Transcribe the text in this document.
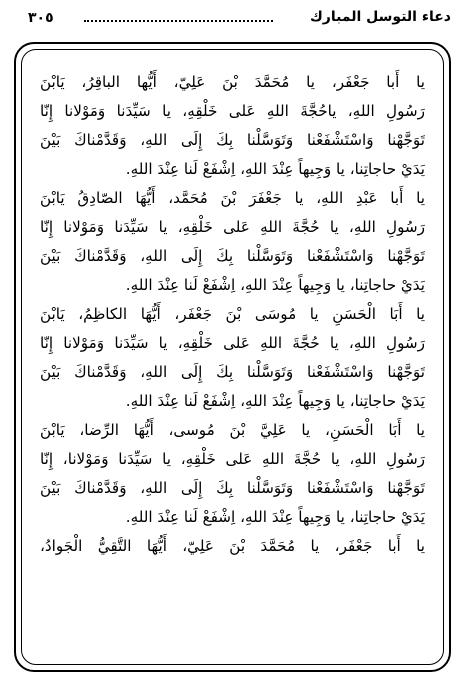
٣٠٥	دعاء التوسل المبارك
يا أَبا جَعْفَر، يا مُحَمَّدَ بْنَ عَلِيّ، أَيُّها الباقِرُ، يَابْنَ
رَسُولِ اللهِ، ياحُجَّةَ اللهِ عَلى خَلْقِهِ، يا سَيِّدَنا وَمَوْلانا إِنّا
تَوَجَّهْنا وَاسْتَشْفَعْنا وَتَوَسَّلْنا بِكَ إِلَى اللهِ، وَقَدَّمْناكَ بَيْنَ
يَدَيْ حاجاتِنا، يا وَجِيهاً عِنْدَ اللهِ، اِشْفَعْ لَنا عِنْدَ اللهِ.
يا أَبا عَبْدِ اللهِ، يا جَعْفَرَ بْنَ مُحَمَّد، أَيُّهَا الصّادِقُ يَابْنَ
رَسُولِ اللهِ، يا حُجَّةَ اللهِ عَلى خَلْقِهِ، يا سَيِّدَنا وَمَوْلانا إِنّا
تَوَجَّهْنا وَاسْتَشْفَعْنا وَتَوَسَّلْنا بِكَ إِلَى اللهِ، وَقَدَّمْناكَ بَيْنَ
يَدَيْ حاجاتِنا، يا وَجِيهاً عِنْدَ اللهِ، اِشْفَعْ لَنا عِنْدَ اللهِ.
يا أَبَا الْحَسَنِ يا مُوسَى بْنَ جَعْفَر، أَيُّهَا الكاظِمُ، يَابْنَ
رَسُولِ اللهِ، يا حُجَّةَ اللهِ عَلى خَلْقِهِ، يا سَيِّدَنا وَمَوْلانا إِنّا
تَوَجَّهْنا وَاسْتَشْفَعْنا وَتَوَسَّلْنا بِكَ إِلَى اللهِ، وَقَدَّمْناكَ بَيْنَ
يَدَيْ حاجاتِنا، يا وَجِيهاً عِنْدَ اللهِ، اِشْفَعْ لَنا عِنْدَ اللهِ.
يا أَبَا الْحَسَنِ، يا عَلِيَّ بْنَ مُوسى، أَيُّهَا الرِّضا، يَابْنَ
رَسُولِ اللهِ، يا حُجَّةَ اللهِ عَلى خَلْقِهِ، يا سَيِّدَنا وَمَوْلانا، إِنّا
تَوَجَّهْنا وَاسْتَشْفَعْنا وَتَوَسَّلْنا بِكَ إِلَى اللهِ، وَقَدَّمْناكَ بَيْنَ
يَدَيْ حاجاتِنا، يا وَجِيهاً عِنْدَ اللهِ، اِشْفَعْ لَنا عِنْدَ اللهِ.
يا أَبا جَعْفَر، يا مُحَمَّدَ بْنَ عَلِيّ، أَيُّهَا التَّقِيُّ الْجَوادُ،
